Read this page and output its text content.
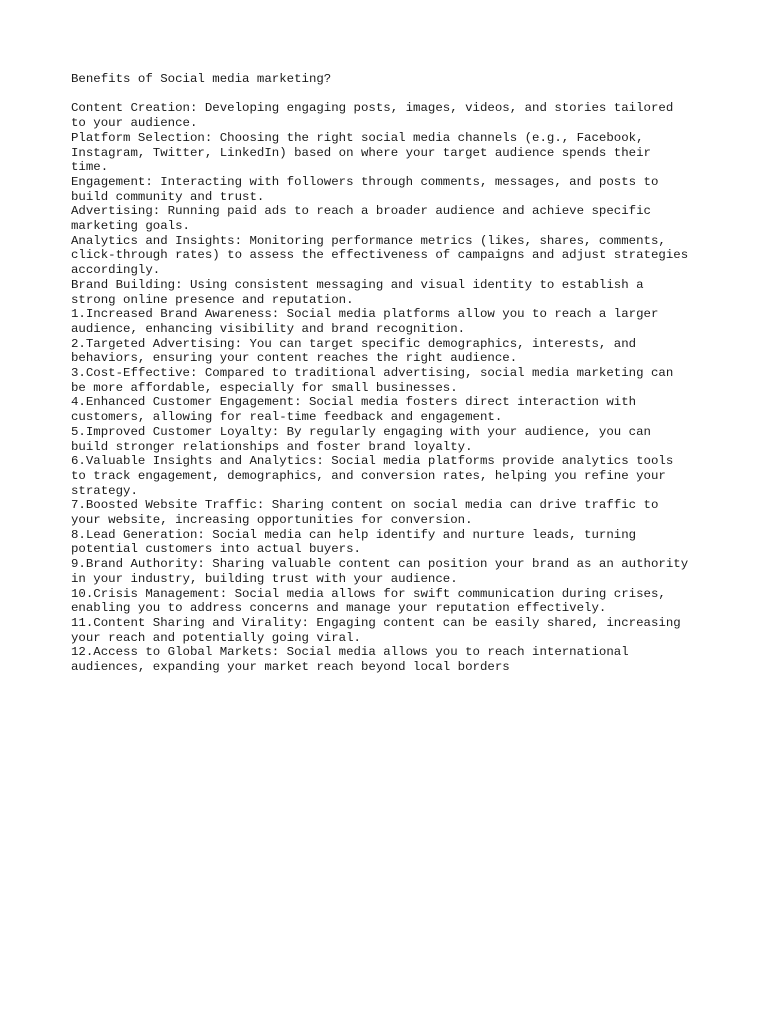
Benefits of Social media marketing?

Content Creation: Developing engaging posts, images, videos, and stories tailored
to your audience.

Platform Selection: Choosing the right social media channels (e.g., Facebook,
Instagram, Twitter, LinkedIn) based on where your target audience spends their
time.

Engagement: Interacting with followers through comments, messages, and posts to
build community and trust.

Advertising: Running paid ads to reach a broader audience and achieve specific
marketing goals.

Analytics and Insights: Monitoring performance metrics (likes, shares, comments,
click-through rates) to assess the effectiveness of campaigns and adjust strategies
accordingly.

Brand Building: Using consistent messaging and visual identity to establish a
strong online presence and reputation.

1.Increased Brand Awareness: Social media platforms allow you to reach a larger
audience, enhancing visibility and brand recognition.

2.Targeted Advertising: You can target specific demographics, interests, and
behaviors, ensuring your content reaches the right audience.

3.Cost-Effective: Compared to traditional advertising, social media marketing can
be more affordable, especially for small businesses.

4.Enhanced Customer Engagement: Social media fosters direct interaction with
customers, allowing for real-time feedback and engagement.

5.Improved Customer Loyalty: By regularly engaging with your audience, you can
build stronger relationships and foster brand loyalty.

6.Valuable Insights and Analytics: Social media platforms provide analytics tools
to track engagement, demographics, and conversion rates, helping you refine your
strategy.

7.Boosted Website Traffic: Sharing content on social media can drive traffic to
your website, increasing opportunities for conversion.

8.Lead Generation: Social media can help identify and nurture leads, turning
potential customers into actual buyers.

9.Brand Authority: Sharing valuable content can position your brand as an authority
in your industry, building trust with your audience.

10.Crisis Management: Social media allows for swift communication during crises,
enabling you to address concerns and manage your reputation effectively.

11.Content Sharing and Virality: Engaging content can be easily shared, increasing
your reach and potentially going viral.

12.Access to Global Markets: Social media allows you to reach international
audiences, expanding your market reach beyond local borders
